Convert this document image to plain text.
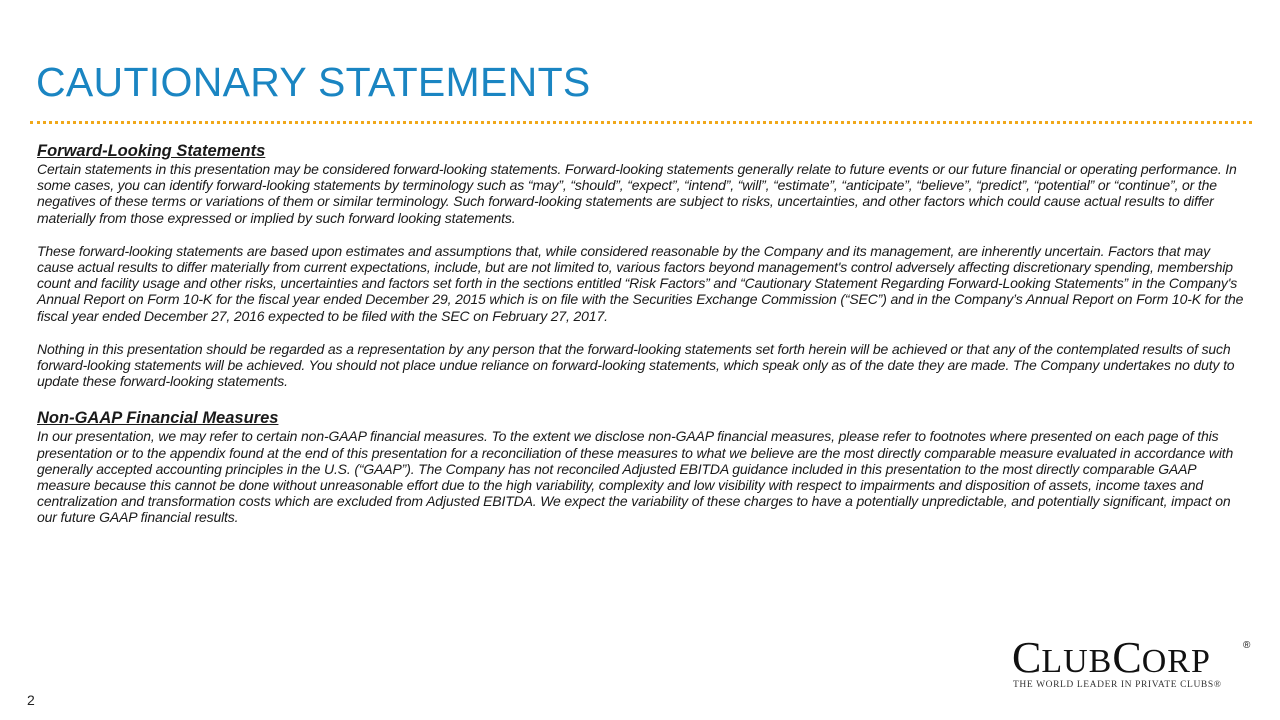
CAUTIONARY STATEMENTS
Forward-Looking Statements

Certain statements in this presentation may be considered forward-looking statements. Forward-looking statements generally relate to future events or our future financial or operating performance. In some cases, you can identify forward-looking statements by terminology such as “may”, “should”, “expect”, “intend”, “will”, “estimate”, “anticipate”, “believe”, “predict”, “potential” or “continue”, or the negatives of these terms or variations of them or similar terminology. Such forward-looking statements are subject to risks, uncertainties, and other factors which could cause actual results to differ materially from those expressed or implied by such forward looking statements.

These forward-looking statements are based upon estimates and assumptions that, while considered reasonable by the Company and its management, are inherently uncertain. Factors that may cause actual results to differ materially from current expectations, include, but are not limited to, various factors beyond management's control adversely affecting discretionary spending, membership count and facility usage and other risks, uncertainties and factors set forth in the sections entitled “Risk Factors” and “Cautionary Statement Regarding Forward-Looking Statements” in the Company's Annual Report on Form 10-K for the fiscal year ended December 29, 2015 which is on file with the Securities Exchange Commission (“SEC”) and in the Company’s Annual Report on Form 10-K for the fiscal year ended December 27, 2016 expected to be filed with the SEC on February 27, 2017.

Nothing in this presentation should be regarded as a representation by any person that the forward-looking statements set forth herein will be achieved or that any of the contemplated results of such forward-looking statements will be achieved. You should not place undue reliance on forward-looking statements, which speak only as of the date they are made. The Company undertakes no duty to update these forward-looking statements.

Non-GAAP Financial Measures

In our presentation, we may refer to certain non-GAAP financial measures. To the extent we disclose non-GAAP financial measures, please refer to footnotes where presented on each page of this presentation or to the appendix found at the end of this presentation for a reconciliation of these measures to what we believe are the most directly comparable measure evaluated in accordance with generally accepted accounting principles in the U.S. (“GAAP”). The Company has not reconciled Adjusted EBITDA guidance included in this presentation to the most directly comparable GAAP measure because this cannot be done without unreasonable effort due to the high variability, complexity and low visibility with respect to impairments and disposition of assets, income taxes and centralization and transformation costs which are excluded from Adjusted EBITDA. We expect the variability of these charges to have a potentially unpredictable, and potentially significant, impact on our future GAAP financial results.

CLUBCORP	®
THE WORLD LEADER IN PRIVATE CLUBS®
2
